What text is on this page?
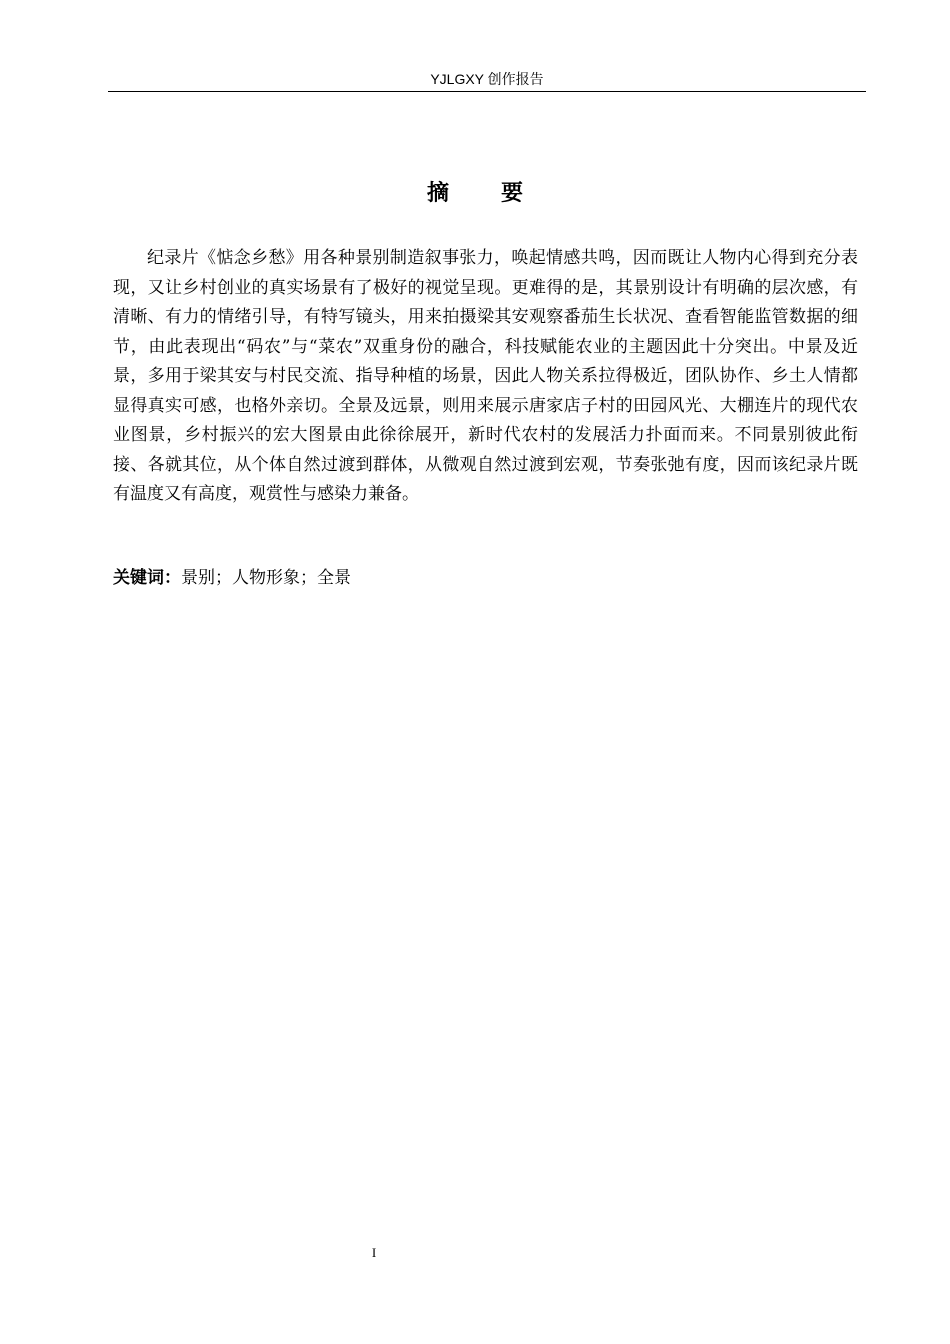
YJLGXY 创作报告
摘要

纪录片《惦念乡愁》用各种景别制造叙事张力，唤起情感共鸣，因而既让人物内心得到充分表现，又让乡村创业的真实场景有了极好的视觉呈现。更难得的是，其景别设计有明确的层次感，有清晰、有力的情绪引导，有特写镜头，用来拍摄梁其安观察番茄生长状况、查看智能监管数据的细节，由此表现出“码农”与“菜农”双重身份的融合，科技赋能农业的主题因此十分突出。中景及近景，多用于梁其安与村民交流、指导种植的场景，因此人物关系拉得极近，团队协作、乡土人情都显得真实可感，也格外亲切。全景及远景，则用来展示唐家店子村的田园风光、大棚连片的现代农业图景，乡村振兴的宏大图景由此徐徐展开，新时代农村的发展活力扑面而来。不同景别彼此衔接、各就其位，从个体自然过渡到群体，从微观自然过渡到宏观，节奏张弛有度，因而该纪录片既有温度又有高度，观赏性与感染力兼备。

关键词：景别；人物形象；全景

I
